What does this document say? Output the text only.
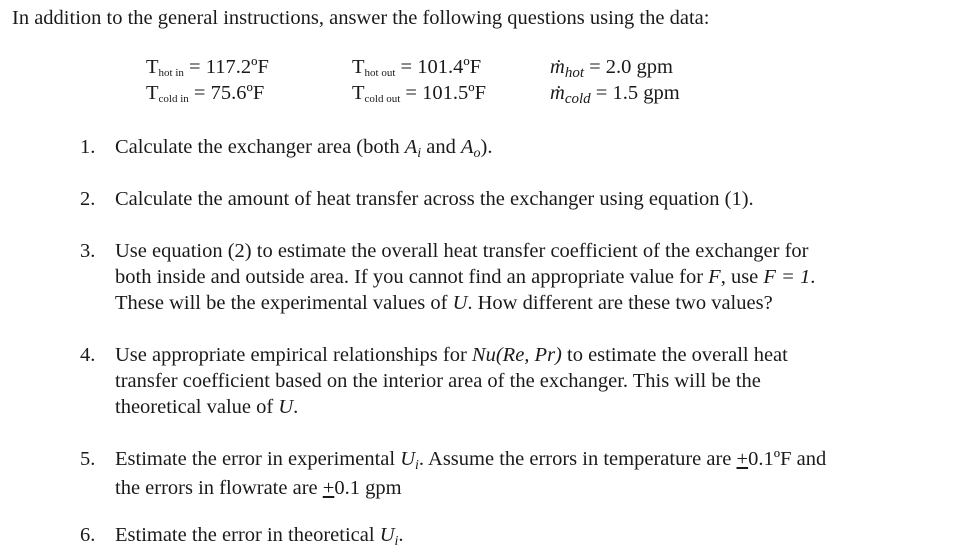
In addition to the general instructions, answer the following questions using the data:
Thot in = 117.2ºF	Thot out = 101.4ºF	ṁhot = 2.0 gpm
Tcold in = 75.6ºF	Tcold out = 101.5ºF	ṁcold = 1.5 gpm
1. Calculate the exchanger area (both Ai and Ao).
2. Calculate the amount of heat transfer across the exchanger using equation (1).
3. Use equation (2) to estimate the overall heat transfer coefficient of the exchanger for
both inside and outside area. If you cannot find an appropriate value for F, use F = 1.
These will be the experimental values of U. How different are these two values?
4. Use appropriate empirical relationships for Nu(Re, Pr) to estimate the overall heat
transfer coefficient based on the interior area of the exchanger. This will be the
theoretical value of U.
5. Estimate the error in experimental Ui. Assume the errors in temperature are +0.1ºF and
the errors in flowrate are +0.1 gpm
6. Estimate the error in theoretical Ui.
